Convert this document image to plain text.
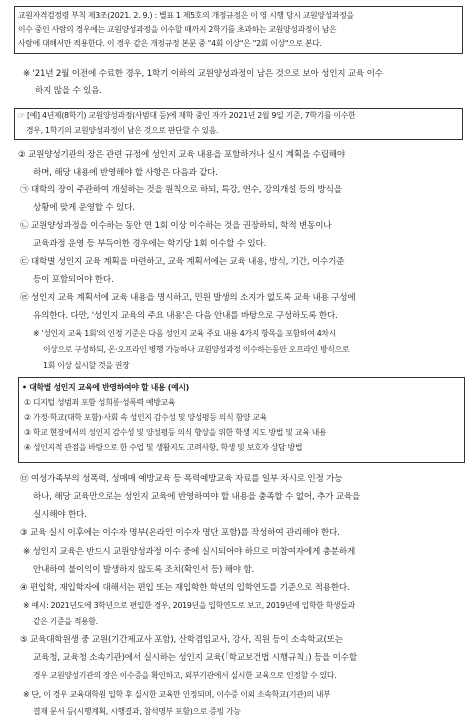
교원자격검정령 부칙 제3조(2021. 2. 9.) : 별표 1 제5호의 개정규정은 이 영 시행 당시 교원양성과정을
이수 중인 사람의 경우에는 교원양성과정을 이수할 때까지 2학기를 초과하는 교원양성과정이 남은
사람에 대해서만 적용한다. 이 경우 같은 개정규정 본문 중 "4회 이상"은 "2회 이상"으로 본다.
※ '21년 2월 이전에 수료한 경우, 1학기 이하의 교원양성과정이 남은 것으로 보아 성인지 교육 이수
하지 않을 수 있음.
☞ [예] 4년제(8학기) 교원양성과정(사범대 등)에 재학 중인 자가 2021년 2월 9일 기준, 7학기를 이수한
경우, 1학기의 교원양성과정이 남은 것으로 판단할 수 있음.
② 교원양성기관의 장은 관련 규정에 성인지 교육 내용을 포함하거나 실시 계획을 수립해야
하며, 해당 내용에 반영해야 할 사항은 다음과 같다.
㉠ 대학의 장이 주관하여 개설하는 것을 원칙으로 하되, 특강, 연수, 강의개설 등의 방식을
상황에 맞게 운영할 수 있다.
㉡ 교원양성과정을 이수하는 동안 연 1회 이상 이수하는 것을 권장하되, 학적 변동이나
교육과정 운영 등 부득이한 경우에는 학기당 1회 이수할 수 있다.
㉢ 대학별 성인지 교육 계획을 마련하고, 교육 계획서에는 교육 내용, 방식, 기간, 이수기준
등이 포함되어야 한다.
㉣ 성인지 교육 계획서에 교육 내용을 명시하고, 민원 발생의 소지가 없도록 교육 내용 구성에
유의한다. 다만, '성인지 교육의 주요 내용'은 다음 안내를 바탕으로 구성하도록 한다.
※ '성인지 교육 1회'의 인정 기준은 다음 성인지 교육 주요 내용 4가지 항목을 포함하여 4차시
이상으로 구성하되, 온·오프라인 병행 가능하나 교원양성과정 이수하는동안 오프라인 방식으로
1회 이상 실시할 것을 권장
• 대학별 성인지 교육에 반영하여야 할 내용 (예시)
① 디지털 성범죄 포함 성희롱·성폭력 예방교육
② 가정·학교(대학 포함)·사회 속 성인지 감수성 및 양성평등 의식 함양 교육
③ 학교 현장에서의 성인지 감수성 및 양성평등 의식 향상을 위한 학생 지도 방법 및 교육 내용
④ 성인지적 관점을 바탕으로 한 수업 및 생활지도 고려사항, 학생 및 보호자 상담 방법
㉤ 여성가족부의 성폭력, 성매매 예방교육 등 폭력예방교육 자료를 일부 차시로 인정 가능
하나, 해당 교육만으로는 성인지 교육에 반영하여야 할 내용을 충족할 수 없어, 추가 교육을
실시해야 한다.
③ 교육 실시 이후에는 이수자 명부(온라인 이수자 명단 포함)를 작성하여 관리해야 한다.
※ 성인지 교육은 반드시 교원양성과정 이수 중에 실시되어야 하므로 미참여자에게 충분하게
안내하여 불이익이 발생하지 않도록 조치(확인서 등) 해야 함.
④ 편입학, 재입학자에 대해서는 편입 또는 재입학한 학년의 입학연도를 기준으로 적용한다.
※ 예시: 2021년도에 3학년으로 편입한 경우, 2019년을 입학연도로 보고, 2019년에 입학한 학생들과
같은 기준을 적용함.
⑤ 교육대학원생 중 교원(기간제교사 포함), 산학겸임교사, 강사, 직원 등이 소속학교(또는
교육청, 교육청 소속기관)에서 실시하는 성인지 교육(「학교보건법 시행규칙」) 등을 이수할
경우 교원양성기관의 장은 이수증을 확인하고, 외부기관에서 실시한 교육으로 인정할 수 있다.
※ 단, 이 경우 교육대학원 입학 후 실시한 교육만 인정되며, 이수증 이외 소속학교(기관)의 내부
결재 문서 등(시행계획, 시행결과, 참석명부 포함)으로 증빙 가능
